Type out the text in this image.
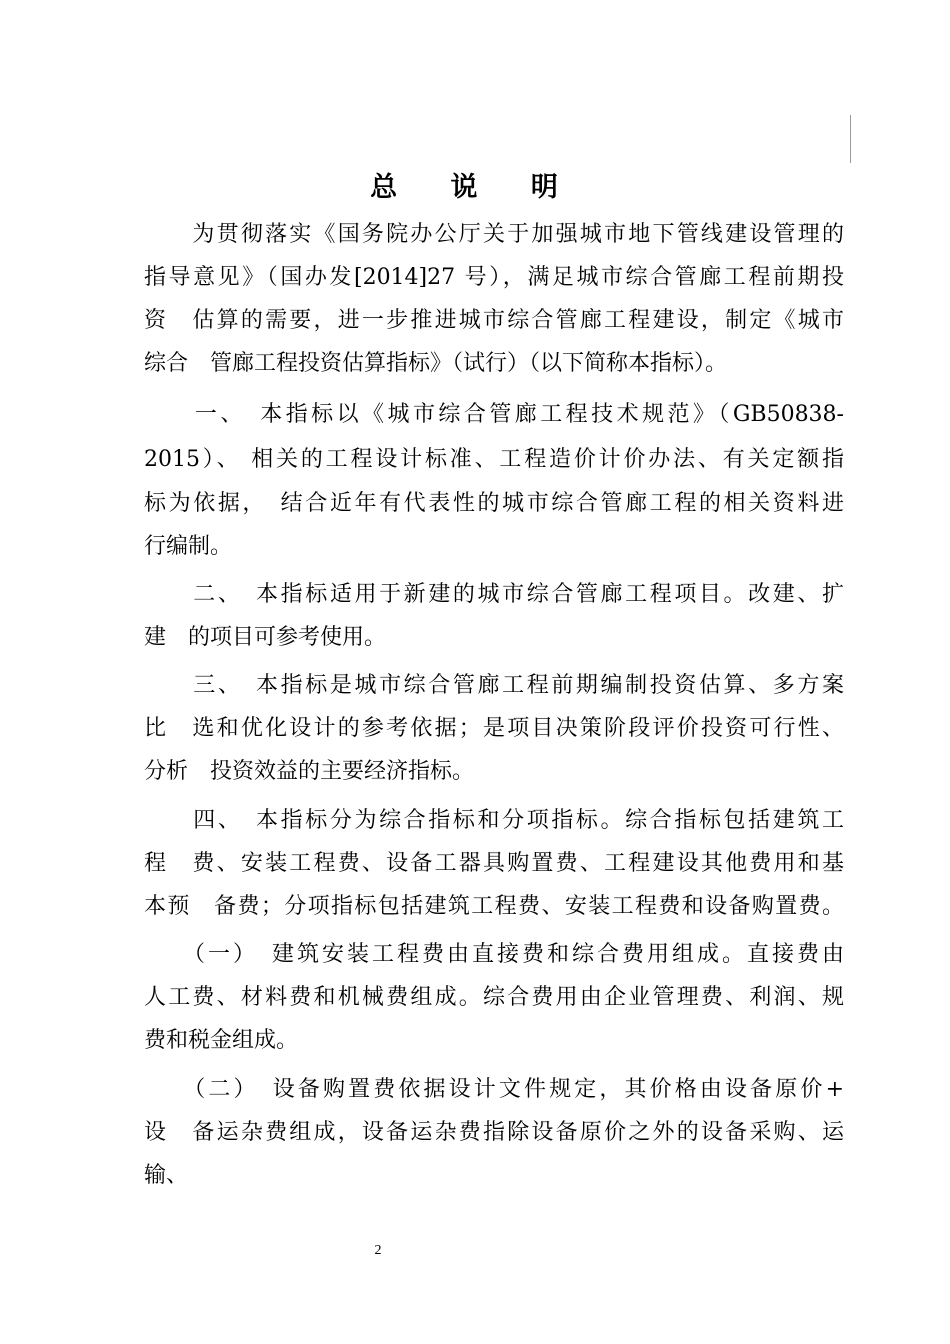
总 说 明
　　为贯彻落实《国务院办公厅关于加强城市地下管线建设管理的
指导意见》（国办发[2014]27 号），满足城市综合管廊工程前期投
资　估算的需要，进一步推进城市综合管廊工程建设，制定《城市
综合　管廊工程投资估算指标》（试行）（以下简称本指标）。
　　一、　本指标以《城市综合管廊工程技术规范》（GB50838-
2015）、 相关的工程设计标准、工程造价计价办法、有关定额指
标为依据，　结合近年有代表性的城市综合管廊工程的相关资料进
行编制。
　　二、　本指标适用于新建的城市综合管廊工程项目。改建、扩
建　的项目可参考使用。
　　三、　本指标是城市综合管廊工程前期编制投资估算、多方案
比　选和优化设计的参考依据；是项目决策阶段评价投资可行性、
分析　投资效益的主要经济指标。
　　四、　本指标分为综合指标和分项指标。综合指标包括建筑工
程　费、安装工程费、设备工器具购置费、工程建设其他费用和基
本预　备费；分项指标包括建筑工程费、安装工程费和设备购置费。
　　（一）　建筑安装工程费由直接费和综合费用组成。直接费由
人工费、材料费和机械费组成。综合费用由企业管理费、利润、规
费和税金组成。
　　（二）　设备购置费依据设计文件规定，其价格由设备原价+
设　备运杂费组成，设备运杂费指除设备原价之外的设备采购、运
输、
2
